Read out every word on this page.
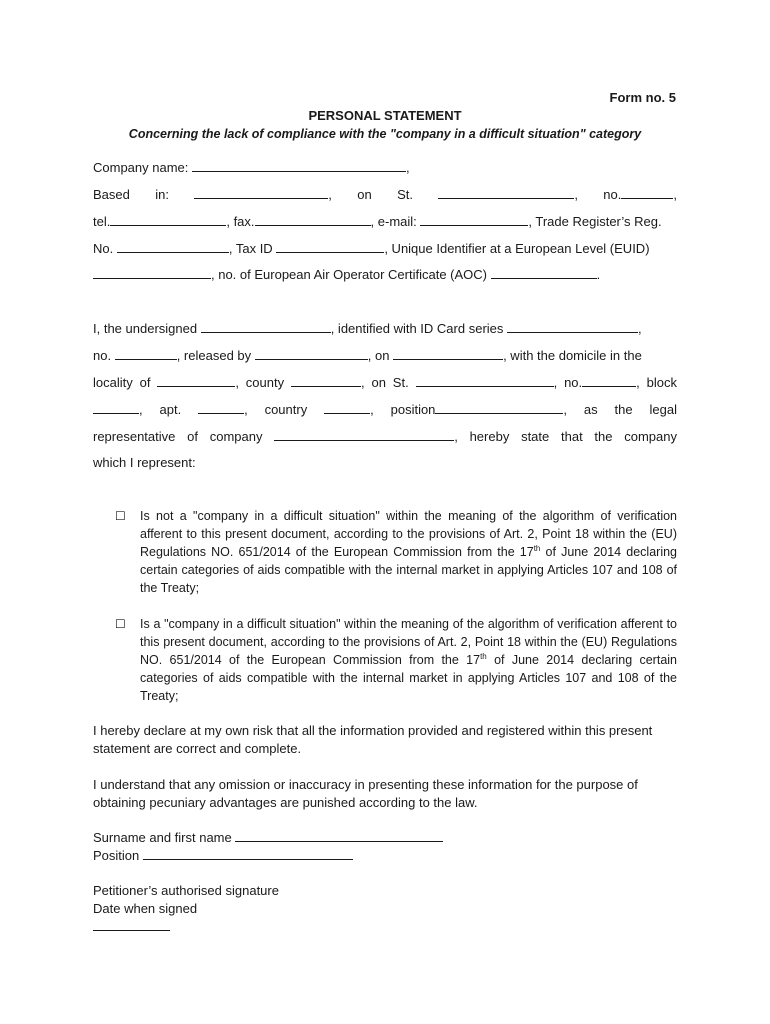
Form no. 5
PERSONAL STATEMENT
Concerning the lack of compliance with the "company in a difficult situation" category
Company name:	,
Based in:	, on St.	, no.	,
tel.	, fax.	, e-mail:	, Trade Register’s Reg.
No.	, Tax ID	, Unique Identifier at a European Level (EUID)
, no. of European Air Operator Certificate (AOC)	.
I, the undersigned	, identified with ID Card series	,
no.	, released by	, on	, with the domicile in the
locality of	, county	, on St.	, no.	, block
, apt.	, country	, position	, as the legal
representative of company	, hereby state that the company
which I represent:
☐ Is not a "company in a difficult situation" within the meaning of the algorithm of verification afferent to this present document, according to the provisions of Art. 2, Point 18 within the (EU) Regulations NO. 651/2014 of the European Commission from the 17th of June 2014 declaring certain categories of aids compatible with the internal market in applying Articles 107 and 108 of the Treaty;
☐ Is a "company in a difficult situation" within the meaning of the algorithm of verification afferent to this present document, according to the provisions of Art. 2, Point 18 within the (EU) Regulations NO. 651/2014 of the European Commission from the 17th of June 2014 declaring certain categories of aids compatible with the internal market in applying Articles 107 and 108 of the Treaty;
I hereby declare at my own risk that all the information provided and registered within this present statement are correct and complete.
I understand that any omission or inaccuracy in presenting these information for the purpose of obtaining pecuniary advantages are punished according to the law.
Surname and first name
Position
Petitioner’s authorised signature
Date when signed
